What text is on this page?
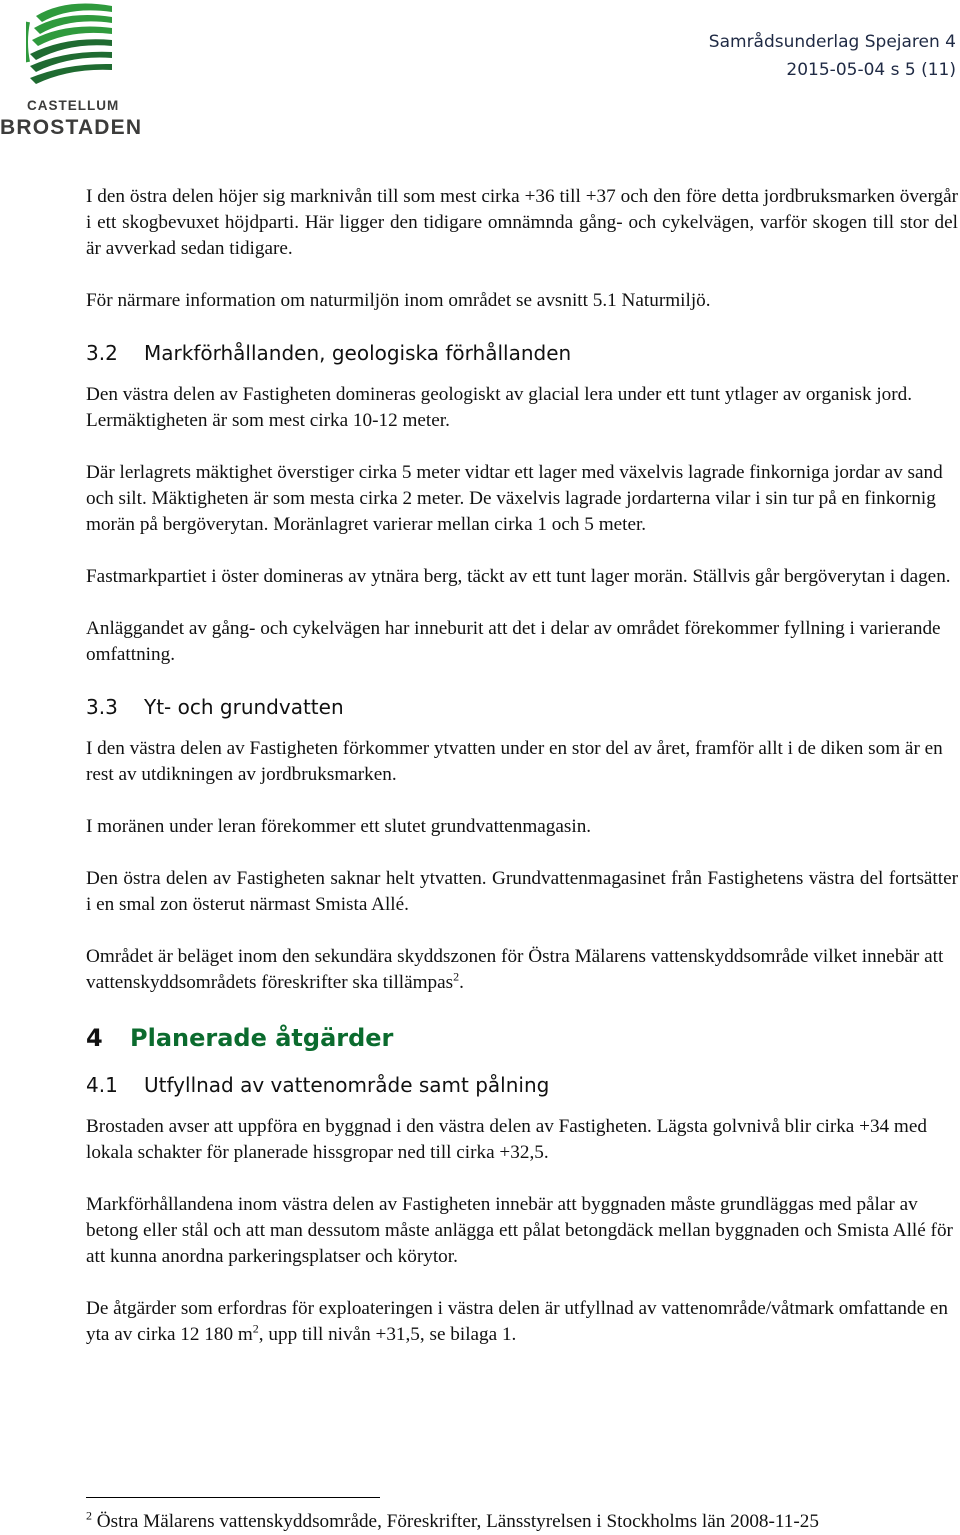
CASTELLUM
BROSTADEN
Samrådsunderlag Spejaren 4
2015-05-04 s 5 (11)

I den östra delen höjer sig marknivån till som mest cirka +36 till +37 och den före detta jordbruksmarken övergår i ett skogbevuxet höjdparti. Här ligger den tidigare omnämnda gång- och cykelvägen, varför skogen till stor del är avverkad sedan tidigare.

För närmare information om naturmiljön inom området se avsnitt 5.1 Naturmiljö.

3.2 Markförhållanden, geologiska förhållanden

Den västra delen av Fastigheten domineras geologiskt av glacial lera under ett tunt ytlager av organisk jord. Lermäktigheten är som mest cirka 10-12 meter.

Där lerlagrets mäktighet överstiger cirka 5 meter vidtar ett lager med växelvis lagrade finkorniga jordar av sand och silt. Mäktigheten är som mesta cirka 2 meter. De växelvis lagrade jordarterna vilar i sin tur på en finkornig morän på bergöverytan. Moränlagret varierar mellan cirka 1 och 5 meter.

Fastmarkpartiet i öster domineras av ytnära berg, täckt av ett tunt lager morän. Ställvis går bergöverytan i dagen.

Anläggandet av gång- och cykelvägen har inneburit att det i delar av området förekommer fyllning i varierande omfattning.

3.3 Yt- och grundvatten

I den västra delen av Fastigheten förkommer ytvatten under en stor del av året, framför allt i de diken som är en rest av utdikningen av jordbruksmarken.

I moränen under leran förekommer ett slutet grundvattenmagasin.

Den östra delen av Fastigheten saknar helt ytvatten. Grundvattenmagasinet från Fastighetens västra del fortsätter i en smal zon österut närmast Smista Allé.

Området är beläget inom den sekundära skyddszonen för Östra Mälarens vattenskyddsområde vilket innebär att vattenskyddsområdets föreskrifter ska tillämpas$^2$.

4 Planerade åtgärder
4.1 Utfyllnad av vattenområde samt pålning

Brostaden avser att uppföra en byggnad i den västra delen av Fastigheten. Lägsta golvnivå blir cirka +34 med lokala schakter för planerade hissgropar ned till cirka +32,5.

Markförhållandena inom västra delen av Fastigheten innebär att byggnaden måste grundläggas med pålar av betong eller stål och att man dessutom måste anlägga ett pålat betongdäck mellan byggnaden och Smista Allé för att kunna anordna parkeringsplatser och körytor.

De åtgärder som erfordras för exploateringen i västra delen är utfyllnad av vattenområde/våtmark omfattande en yta av cirka 12 180 $m^2$, upp till nivån +31,5, se bilaga 1.

$^2$ Östra Mälarens vattenskyddsområde, Föreskrifter, Länsstyrelsen i Stockholms län 2008-11-25
